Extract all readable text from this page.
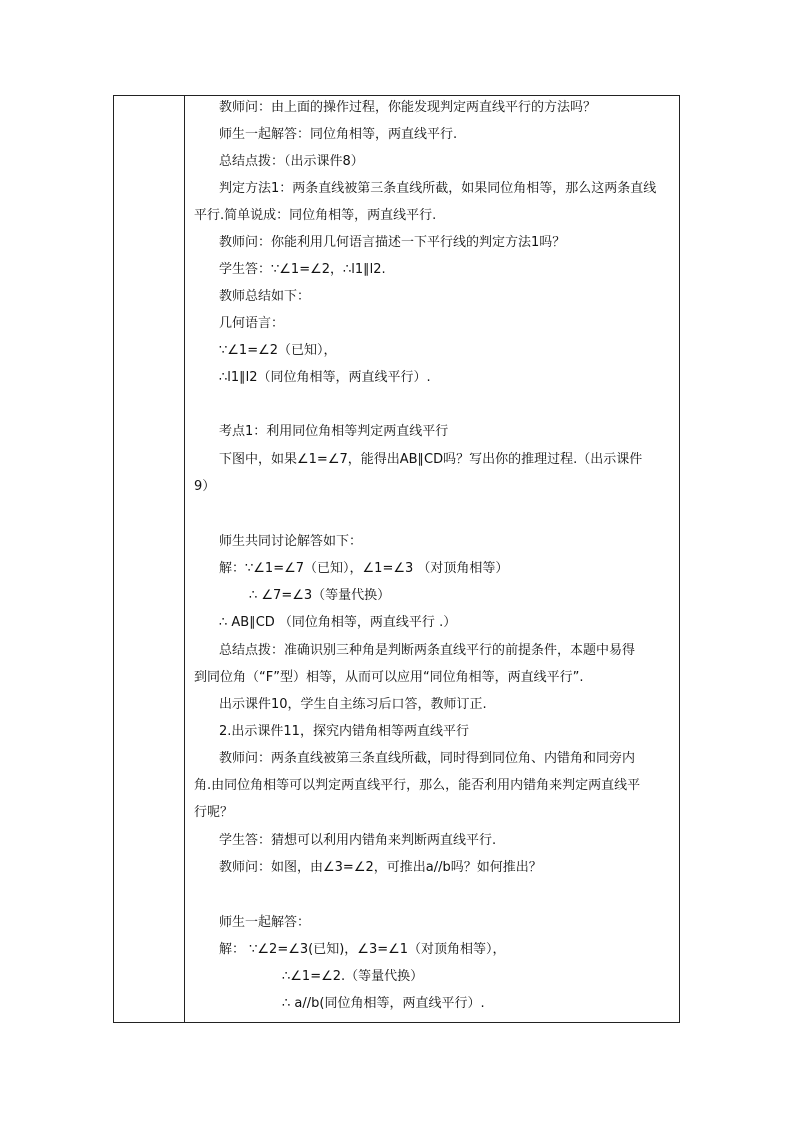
教师问：由上面的操作过程，你能发现判定两直线平行的方法吗？
师生一起解答：同位角相等，两直线平行.
总结点拨：（出示课件8）
判定方法1：两条直线被第三条直线所截，如果同位角相等，那么这两条直线
平行.简单说成：同位角相等，两直线平行.
教师问：你能利用几何语言描述一下平行线的判定方法1吗？
学生答：∵∠1=∠2，∴l1∥l2.
教师总结如下：
几何语言：
∵∠1=∠2（已知），
∴l1∥l2（同位角相等，两直线平行）.
考点1：利用同位角相等判定两直线平行
下图中，如果∠1=∠7，能得出AB∥CD吗？写出你的推理过程.（出示课件
9）
师生共同讨论解答如下：
解：∵∠1=∠7（已知），∠1=∠3 （对顶角相等）
∴ ∠7=∠3（等量代换）
∴ AB∥CD （同位角相等，两直线平行 .）
总结点拨：准确识别三种角是判断两条直线平行的前提条件，本题中易得
到同位角（“F”型）相等，从而可以应用“同位角相等，两直线平行”.
出示课件10，学生自主练习后口答，教师订正.
2.出示课件11，探究内错角相等两直线平行
教师问：两条直线被第三条直线所截，同时得到同位角、内错角和同旁内
角.由同位角相等可以判定两直线平行，那么，能否利用内错角来判定两直线平
行呢？
学生答：猜想可以利用内错角来判断两直线平行.
教师问：如图，由∠3=∠2，可推出a//b吗？如何推出？
师生一起解答：
解： ∵∠2=∠3(已知)，∠3=∠1（对顶角相等），
∴∠1=∠2.（等量代换）
∴ a//b(同位角相等，两直线平行）.
